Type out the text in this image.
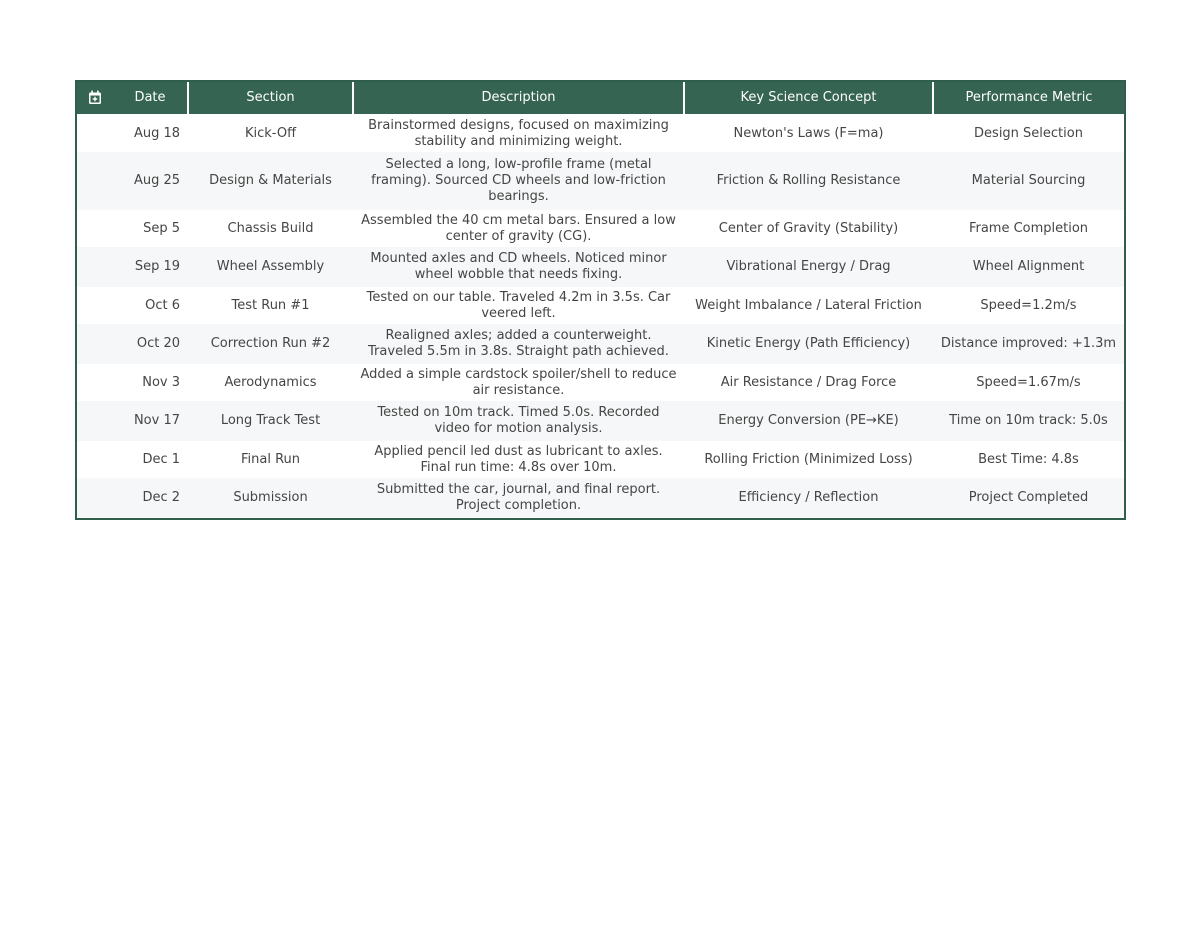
	Date	Section	Description	Key Science Concept	Performance Metric
	Aug 18	Kick-Off	Brainstormed designs, focused on maximizing stability and minimizing weight.	Newton's Laws (F=ma)	Design Selection
	Aug 25	Design & Materials	Selected a long, low-profile frame (metal framing). Sourced CD wheels and low-friction bearings.	Friction & Rolling Resistance	Material Sourcing
	Sep 5	Chassis Build	Assembled the 40 cm metal bars. Ensured a low center of gravity (CG).	Center of Gravity (Stability)	Frame Completion
	Sep 19	Wheel Assembly	Mounted axles and CD wheels. Noticed minor wheel wobble that needs fixing.	Vibrational Energy / Drag	Wheel Alignment
	Oct 6	Test Run #1	Tested on our table. Traveled 4.2m in 3.5s. Car veered left.	Weight Imbalance / Lateral Friction	Speed=1.2m/s
	Oct 20	Correction Run #2	Realigned axles; added a counterweight. Traveled 5.5m in 3.8s. Straight path achieved.	Kinetic Energy (Path Efficiency)	Distance improved: +1.3m
	Nov 3	Aerodynamics	Added a simple cardstock spoiler/shell to reduce air resistance.	Air Resistance / Drag Force	Speed=1.67m/s
	Nov 17	Long Track Test	Tested on 10m track. Timed 5.0s. Recorded video for motion analysis.	Energy Conversion (PE→KE)	Time on 10m track: 5.0s
	Dec 1	Final Run	Applied pencil led dust as lubricant to axles. Final run time: 4.8s over 10m.	Rolling Friction (Minimized Loss)	Best Time: 4.8s
	Dec 2	Submission	Submitted the car, journal, and final report. Project completion.	Efficiency / Reflection	Project Completed
